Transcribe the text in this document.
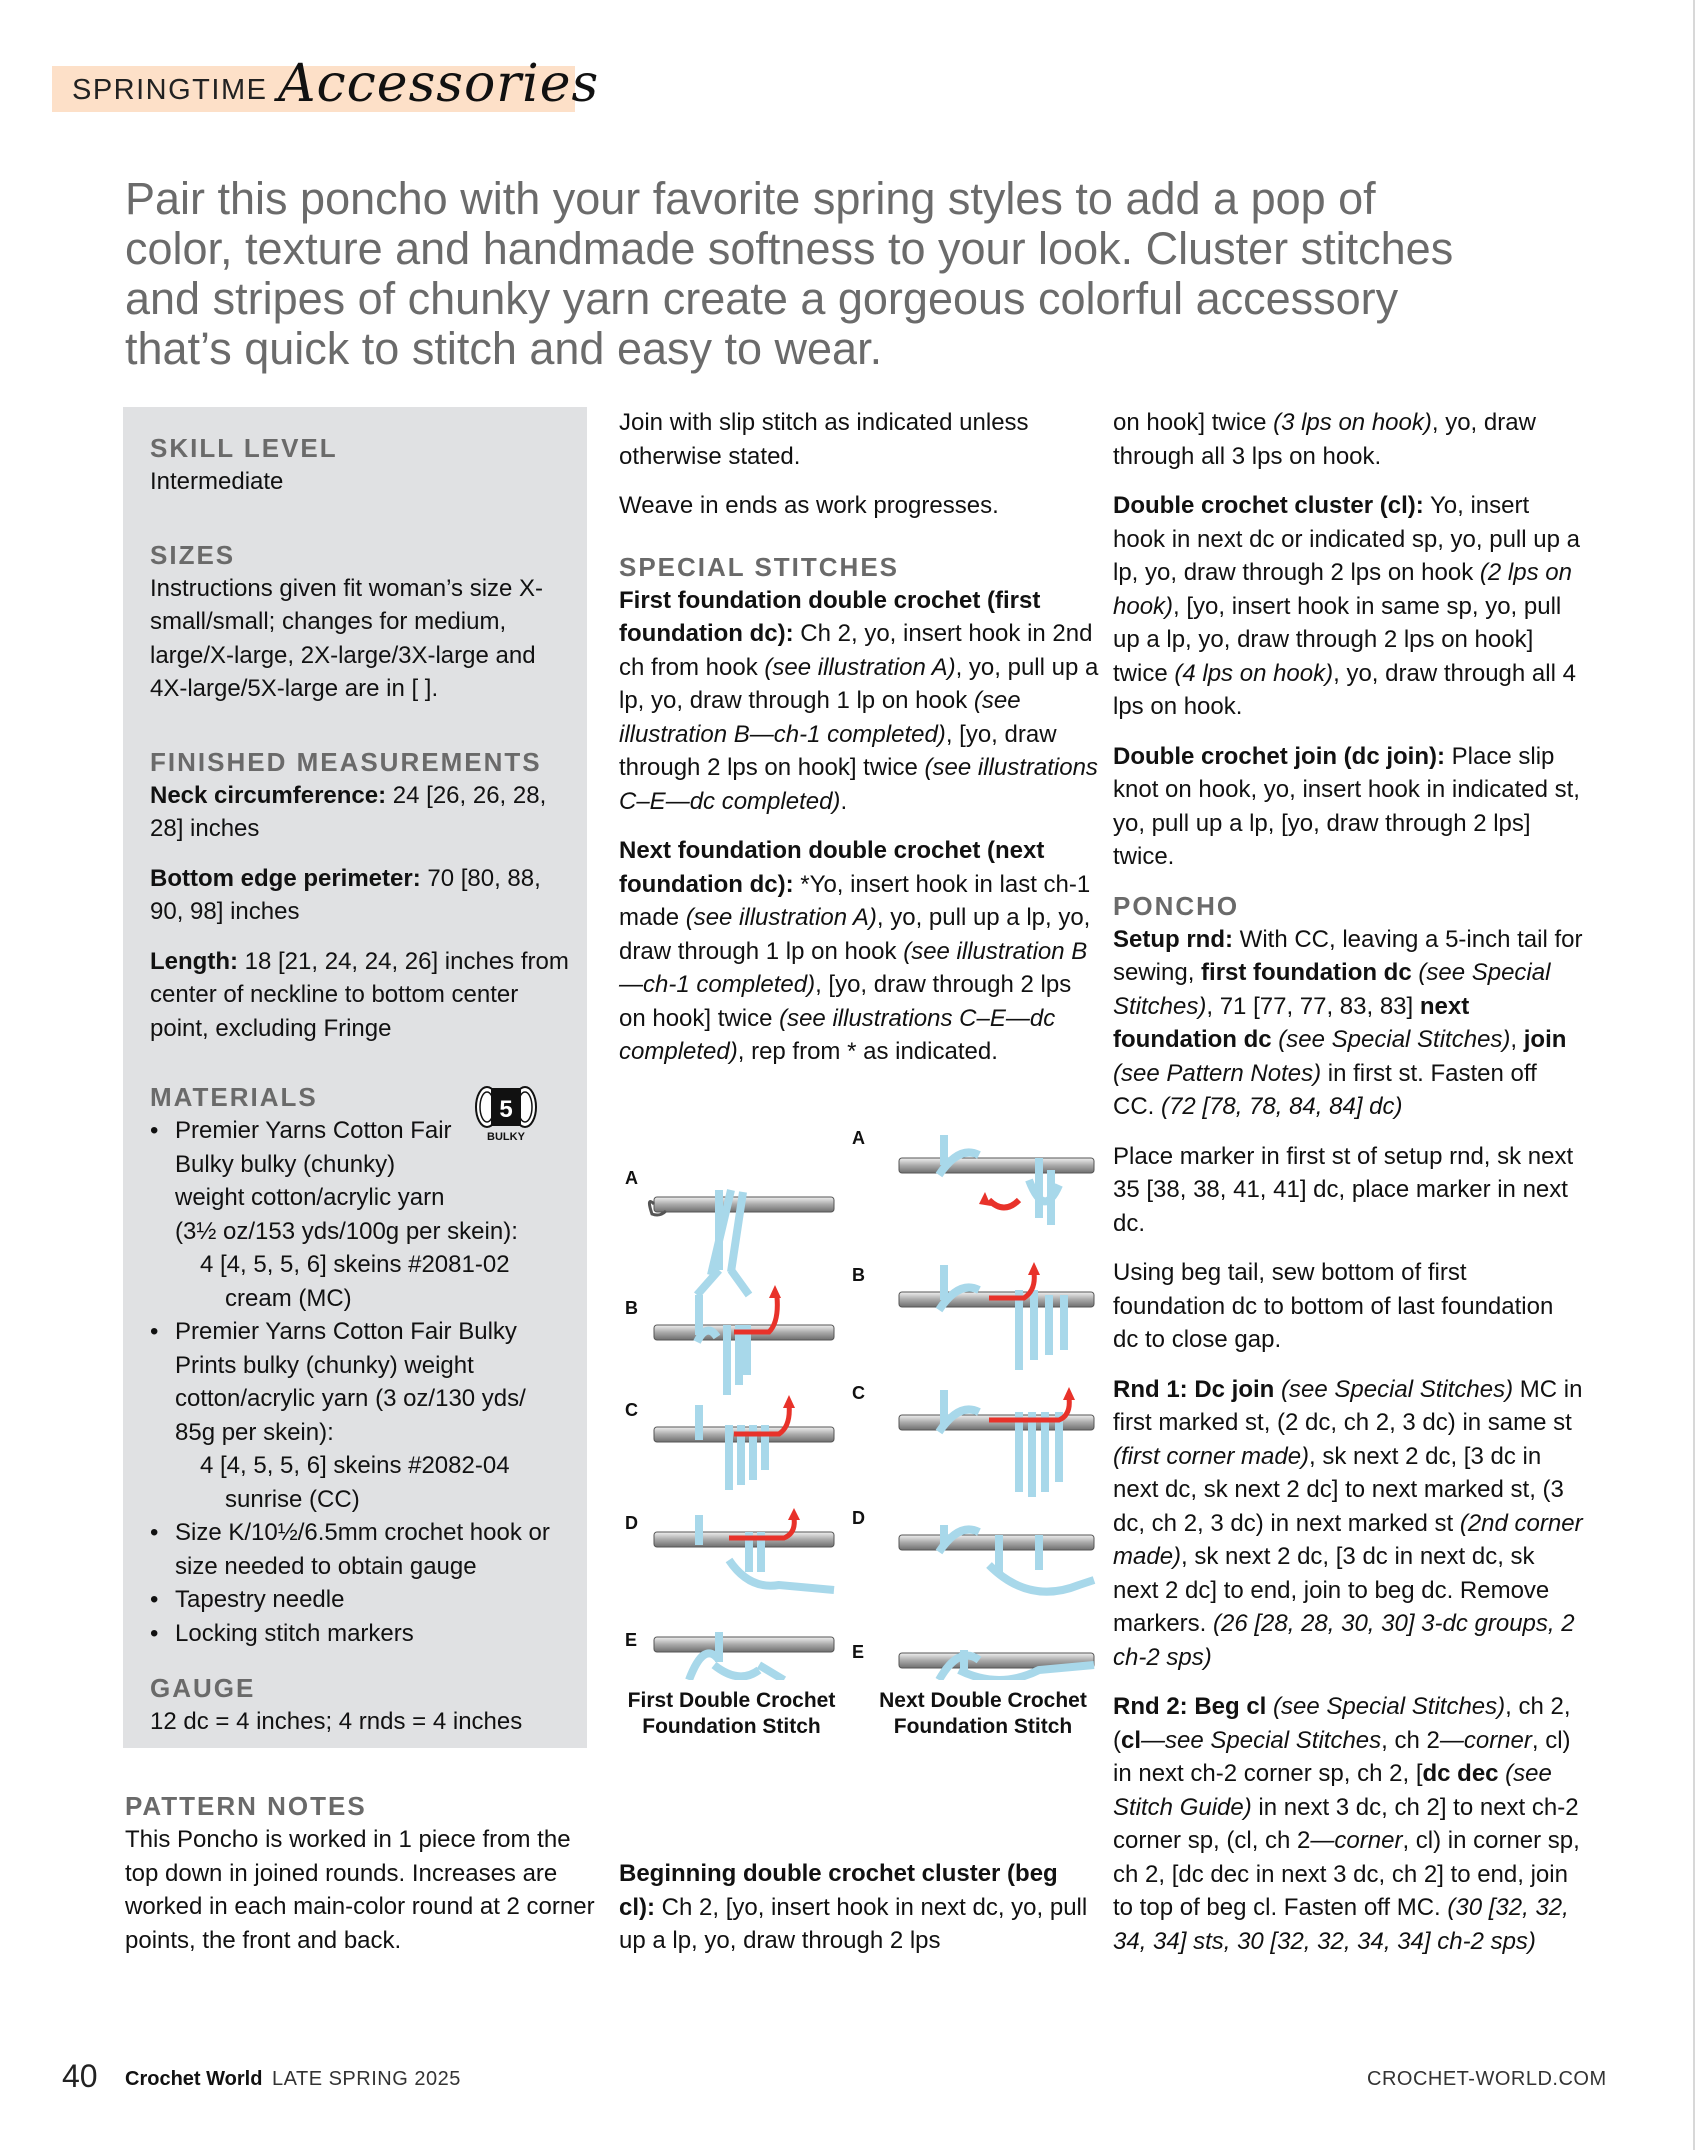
SPRINGTIME Accessories

Pair this poncho with your favorite spring styles to add a pop of color, texture and handmade softness to your look. Cluster stitches and stripes of chunky yarn create a gorgeous colorful accessory that’s quick to stitch and easy to wear.

SKILL LEVEL
Intermediate
SIZES
Instructions given fit woman’s size X-small/small; changes for medium, large/X-large, 2X-large/3X-large and 4X-large/5X-large are in [ ].
FINISHED MEASUREMENTS
Neck circumference: 24 [26, 26, 28, 28] inches
Bottom edge perimeter: 70 [80, 88, 90, 98] inches
Length: 18 [21, 24, 24, 26] inches from center of neckline to bottom center point, excluding Fringe
MATERIALS
• Premier Yarns Cotton Fair
Bulky bulky (chunky)
weight cotton/acrylic yarn
(3½ oz/153 yds/100g per skein):
4 [4, 5, 5, 6] skeins #2081-02
cream (MC)
• Premier Yarns Cotton Fair Bulky
Prints bulky (chunky) weight
cotton/acrylic yarn (3 oz/130 yds/
85g per skein):
4 [4, 5, 5, 6] skeins #2082-04
sunrise (CC)
• Size K/10½/6.5mm crochet hook or size needed to obtain gauge
• Tapestry needle
• Locking stitch markers
GAUGE
12 dc = 4 inches; 4 rnds = 4 inches
5
BULKY
PATTERN NOTES
This Poncho is worked in 1 piece from the top down in joined rounds. Increases are worked in each main-color round at 2 corner points, the front and back.
Join with slip stitch as indicated unless otherwise stated.
Weave in ends as work progresses.
SPECIAL STITCHES
First foundation double crochet (first foundation dc): Ch 2, yo, insert hook in 2nd ch from hook (see illustration A), yo, pull up a lp, yo, draw through 1 lp on hook (see illustration B—ch-1 completed), [yo, draw through 2 lps on hook] twice (see illustrations C–E—dc completed).
Next foundation double crochet (next foundation dc): *Yo, insert hook in last ch-1 made (see illustration A), yo, pull up a lp, yo, draw through 1 lp on hook (see illustration B—ch-1 completed), [yo, draw through 2 lps on hook] twice (see illustrations C–E—dc completed), rep from * as indicated.
A
B
C
D
E
A
B
C
D
E
First Double Crochet
Foundation Stitch
Next Double Crochet
Foundation Stitch
Beginning double crochet cluster (beg cl): Ch 2, [yo, insert hook in next dc, yo, pull up a lp, yo, draw through 2 lps
on hook] twice (3 lps on hook), yo, draw through all 3 lps on hook.
Double crochet cluster (cl): Yo, insert hook in next dc or indicated sp, yo, pull up a lp, yo, draw through 2 lps on hook (2 lps on hook), [yo, insert hook in same sp, yo, pull up a lp, yo, draw through 2 lps on hook] twice (4 lps on hook), yo, draw through all 4 lps on hook.
Double crochet join (dc join): Place slip knot on hook, yo, insert hook in indicated st, yo, pull up a lp, [yo, draw through 2 lps] twice.
PONCHO
Setup rnd: With CC, leaving a 5-inch tail for sewing, first foundation dc (see Special Stitches), 71 [77, 77, 83, 83] next foundation dc (see Special Stitches), join (see Pattern Notes) in first st. Fasten off CC. (72 [78, 78, 84, 84] dc)
Place marker in first st of setup rnd, sk next 35 [38, 38, 41, 41] dc, place marker in next dc.
Using beg tail, sew bottom of first foundation dc to bottom of last foundation dc to close gap.
Rnd 1: Dc join (see Special Stitches) MC in first marked st, (2 dc, ch 2, 3 dc) in same st (first corner made), sk next 2 dc, [3 dc in next dc, sk next 2 dc] to next marked st, (3 dc, ch 2, 3 dc) in next marked st (2nd corner made), sk next 2 dc, [3 dc in next dc, sk next 2 dc] to end, join to beg dc. Remove markers. (26 [28, 28, 30, 30] 3-dc groups, 2 ch-2 sps)
Rnd 2: Beg cl (see Special Stitches), ch 2, (cl—see Special Stitches, ch 2—corner, cl) in next ch-2 corner sp, ch 2, [dc dec (see Stitch Guide) in next 3 dc, ch 2] to next ch-2 corner sp, (cl, ch 2—corner, cl) in corner sp, ch 2, [dc dec in next 3 dc, ch 2] to end, join to top of beg cl. Fasten off MC. (30 [32, 32, 34, 34] sts, 30 [32, 32, 34, 34] ch-2 sps)
40 Crochet World LATE SPRING 2025	CROCHET-WORLD.COM
